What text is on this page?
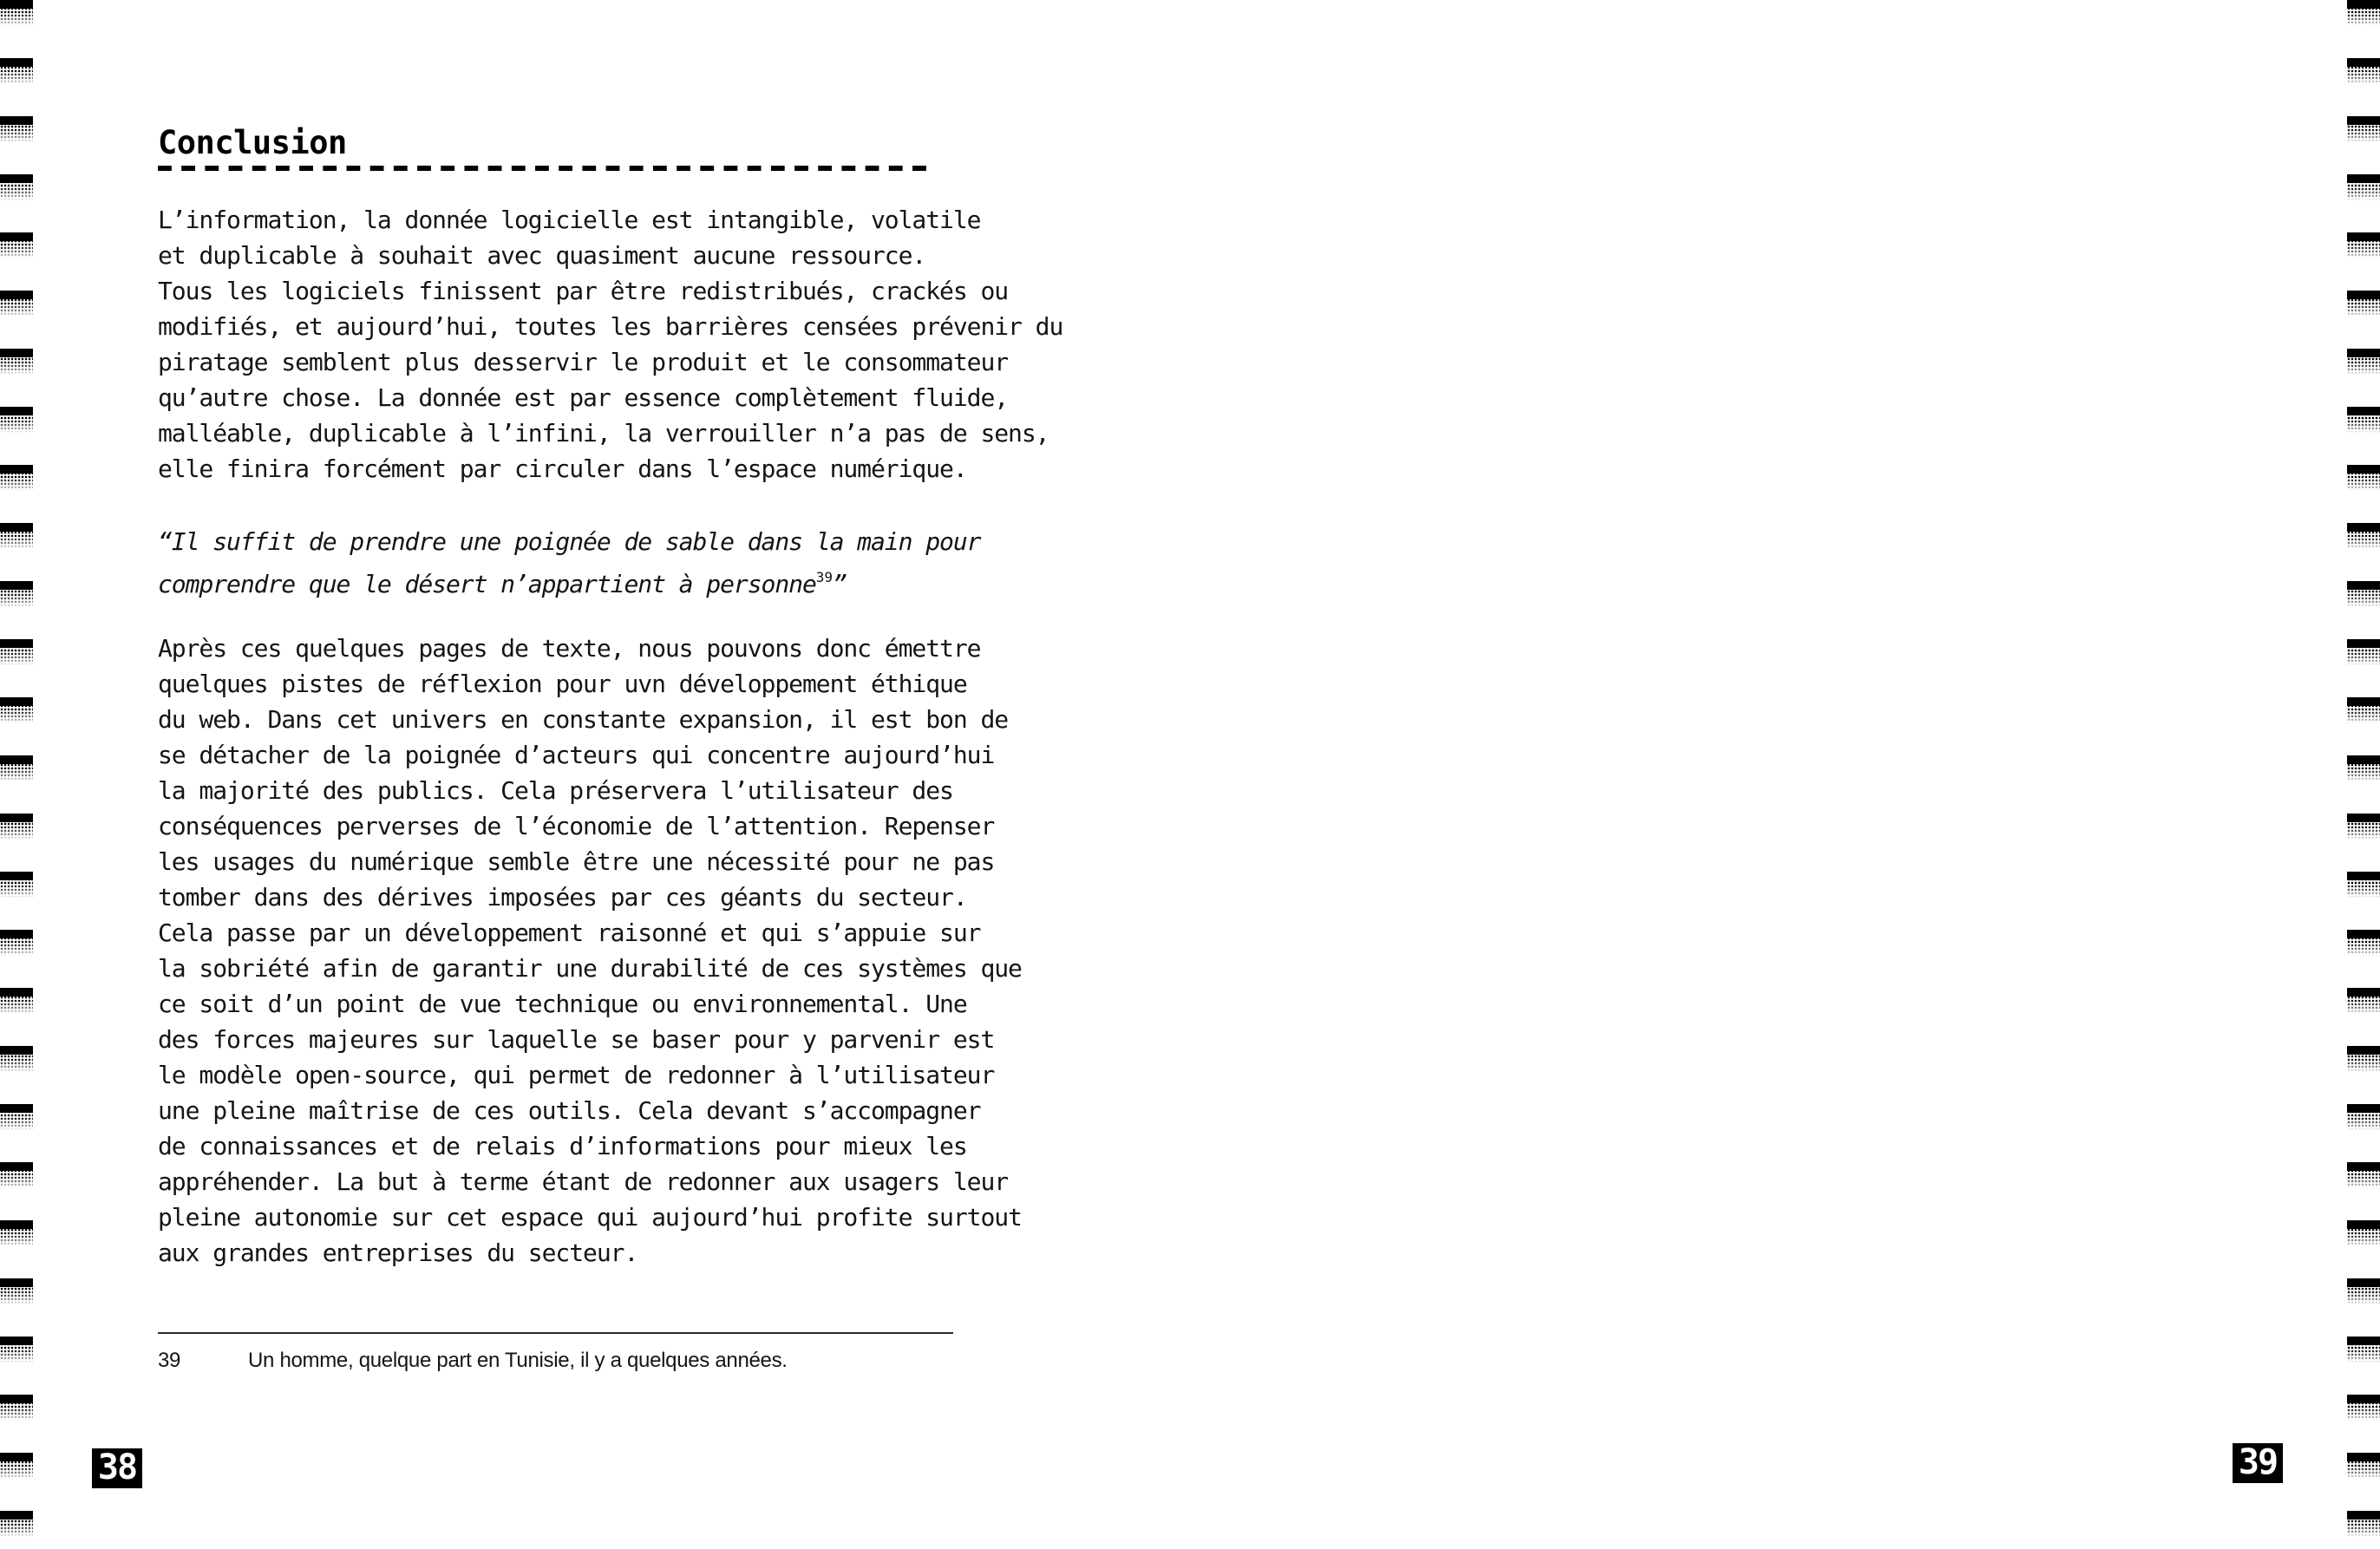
Conclusion

L’information, la donnée logicielle est intangible, volatile
et duplicable à souhait avec quasiment aucune ressource.
Tous les logiciels finissent par être redistribués, crackés ou
modifiés, et aujourd’hui, toutes les barrières censées prévenir du
piratage semblent plus desservir le produit et le consommateur
qu’autre chose. La donnée est par essence complètement fluide,
malléable, duplicable à l’infini, la verrouiller n’a pas de sens,
elle finira forcément par circuler dans l’espace numérique.

“Il suffit de prendre une poignée de sable dans la main pour
comprendre que le désert n’appartient à personne$^{39}$”

Après ces quelques pages de texte, nous pouvons donc émettre
quelques pistes de réflexion pour uvn développement éthique
du web. Dans cet univers en constante expansion, il est bon de
se détacher de la poignée d’acteurs qui concentre aujourd’hui
la majorité des publics. Cela préservera l’utilisateur des
conséquences perverses de l’économie de l’attention. Repenser
les usages du numérique semble être une nécessité pour ne pas
tomber dans des dérives imposées par ces géants du secteur.
Cela passe par un développement raisonné et qui s’appuie sur
la sobriété afin de garantir une durabilité de ces systèmes que
ce soit d’un point de vue technique ou environnemental. Une
des forces majeures sur laquelle se baser pour y parvenir est
le modèle open-source, qui permet de redonner à l’utilisateur
une pleine maîtrise de ces outils. Cela devant s’accompagner
de connaissances et de relais d’informations pour mieux les
appréhender. La but à terme étant de redonner aux usagers leur
pleine autonomie sur cet espace qui aujourd’hui profite surtout
aux grandes entreprises du secteur.

39	Un homme, quelque part en Tunisie, il y a quelques années.
38	39
